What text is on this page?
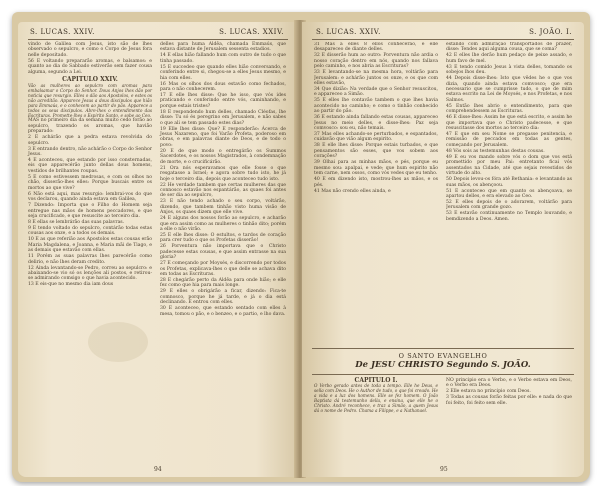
S. LUCAS. XXIV.	S. LUCAS. XXIV.

vindo de Galilea com Jesus, isto são de lhes observado o sepulcro, e como o Corpo de Jesus fora nelle depositado.

56 E voltando prepararão aromas, e balsamos: e quanto ao dia do Sabbado estiverão sem fazer cousa alguma, segundo a Lei.

CAPITULO XXIV.
Vão as mulheres ao sepulcro com aromas para embalsamar o Corpo do Senhor. Dous Anjos lhes dão por noticia que resurgio. Elles o dão aos Apostolos, e estes os não acreditão. Apparece Jesus a dous discipulos que hião para Emmaús, e o conhecem ao partir do pão. Apparece a todos os seus discipulos. Abre-lhes o entendimento das Escrituras. Promette-lhes o Espirito Santo, e sobe ao Ceo.

MAS no primeiro dia da semana muito cedo forão ao sepulcro, trazendo os aromas, que havião preparado:

2 E achárão que a pedra estava revolvida do sepulcro.

3 E entrando dentro, não achárão o Corpo do Senhor Jesus.

4 E aconteceu, que estando por isso consternadas, eis que apparecérão junto dellas dous homens, vestidos de brilhantes roupas.

5 E como estivessem medrosas, e com os olhos no chão, disserão-lhes elles: Porque buscais entre os mortos ao que vive?

6 Não está aqui, mas resurgio: lembrai-vos do que vos declarou, quando ainda estava em Galilea,

7 Dizendo: Importa que o Filho do Homem seja entregue nas mãos de homens peccadores, e que seja crucificado, e que resuscite ao terceiro dia.

8 E ellas se lembrárão das suas palavras.

9 E tendo voltado do sepulcro, contárão todas estas cousas aos onze, e a todos os demais.

10 E as que referião aos Apostolos estas cousas erão Maria Magdalena, e Joanna, e Maria mãi de Tiago, e as demais que estavão com ellas.

11 Porém as suas palavras lhes parecérão como delirio, e não lhes deram credito.

12 Ainda levantando-se Pedro, correu ao sepulcro: e abaixando-se vio só os lenções ali postos, e retirou-se admirando comsigo o que havia acontecido.

13 E eis-que no mesmo dia iam dous

delles para huma Aldêa, chamada Emmaús, que estava distante de Jerusalem sessenta estadios.

14 E ellas hião fallando hum com outro de tudo o que tinha passado.

15 E succedeo que quando elles hião conversando, e conferindo entre si, chegou-se a elles Jesus mesmo, e hia com elles.

16 Mas os olhos dos dous estavão como fechados, para o não conhecerem.

17 E elle lhes disse: Que he isso, que vós ides praticando e conferindo entre vós, caminhando, e porque estais tristes?

18 E respondendo hum delles, chamado Cléofas, lhe disse: Tu só és peregrino em Jerusalem, e não sabes o que ali se tem passado estes dias?

19 Elle lhes disse: Que? E responderão: Ácerca de Jesus Nazareno, que foi Varão Profeta, poderoso em obras, e em palavras diante de Deos, e de todo o povo:

20 E de que modo o entregárão os Summos Sacerdotes, e os nossos Magistrados, à condemnação de morte, e o crucificárão.

21 Ora nós esperavamos que elle fosse o que resgatasse a Israel; e agora sobre tudo isto, he já hoje o terceiro dia, depois que aconteceo tudo isto.

22 He verdade tambem que certas mulheres das que connosco estavão nos espantárão, as quaes foi antes de ser dia ao sepulcro,

23 E não tendo achado o seu corpo, voltárão, dizendo, que tambem tinhão visto huma visão de Anjos, os quaes dizem que elle vive.

24 E alguns dos nossos forão ao sepulcro, e acharão que era assim como as mulheres o tinhão dito; porém a elle o não virão.

25 E elle lhes disse: O estultos, e tardos de coração para crer tudo o que os Profetas disserão!

26 Porventura não importava que o Christo padecesse estas cousas, e que assim entrasse na sua gloria?

27 E começando por Moysés, e discorrendo por todos os Profetas, explicava-lhes o que delle se achava dito em todas as Escrituras.

28 E chegárão perto da Aldêa para onde hião; e elle fez como que hia para mais longe.

29 E elles o obrigárão a ficar, dizendo: Fica-te comnosco, porque he já tarde, e já o dia está declinando. E entrou com elles.

30 E aconteceo, que estando sentado com elles à mesa, tomou o pão, e o benzeo, e o partio, e lho dava.

94
S. LUCAS. XXIV.	S. JOÃO. I.

31 Mas a elles 8 ellos conheceráo, e elle desapareceo de diante delles.

32 E disserão hum ao outro: Porventura não ardia o nosso coração dentro em nós, quando nos fallava pelo caminho, e nos abria as Escrituras?

33 E levantando-se na mesma hora, voltárão para Jerusalem: e achárão juntos os onze, e os que com elles estavão,

34 Que dizião: Na verdade que o Senhor resuscitou, e appareceo a Simão.

35 E elles lhe contavão tambem o que lhes havia acontecido no caminho; e como o tinhão conhecido ao partir do pão.

36 E estando ainda fallando estas cousas, appareceo Jesus no meio delles, e disse-lhes: Paz seja comvosco: sou eu, não temais.

37 Mas elles achando-se perturbados, e espantados, cuidavão que vião algum espirito.

38 E elle lhes disse: Porque estais turbados, e que pensamentos são esses, que vos sobem aos corações?

39 Olhai para as minhas mãos, e pés, porque eu mesmo sou: apalpai, e vede; que hum espirito não tem carne, nem ossos, como vós vedes que eu tenho.

40 E em dizendo isto, mostrou-lhes as mãos, e os pés.

41 Mas não crendo elles ainda, e

estando com admiração transportados de prazer, disse: Tendes aqui alguma cousa, que se coma?

42 E elles lhe derão hum pedaço de peixe assado, e hum favo de mel.

43 E tendo comido Jesus à vista delles, tomando os sobejos lhos deu.

44 Depois disse-lhes: Isto que vêdes he o que vos dizia, quando ainda estava comvosco; que era necessario que se cumprisse tudo, o que de mim estava escrito na Lei de Moysés, e nos Profetas, e nos Salmos.

45 Então lhes abrio o entendimento, para que comprehendessem as Escrituras.

46 E disse-lhes: Assim he que está escrito, e assim he que importava que o Christo padecesse, e que resuscitasse dos mortos ao terceiro dia:

47 E que em seu Nome se pregasse penitencia, e remissão de peccados em todas as gentes, começando por Jerusalem.

48 Vós sois as testemunhas destas cousas.

49 E eu vos mando sobre vós o dom que vos está promettido por meu Pai: entretanto ficai vós assentados na Cidade, até que sejais revestidos de virtude do alto.

50 Depois levou-os fóra até Bethania: e levantando as suas mãos, os abençoou.

51 E aconteceo que em quanto os abençoava, se apartou delles, e era elevado ao Ceo.

52 E elles depois de o adorarem, voltárão para Jerusalem com grande gozo.

53 E estavão continuamente no Templo louvando, e bemdizendo a Deos. Amen.

O SANTO EVANGELHO
De JESU CHRISTO Segundo S. JOÃO.
CAPITULO I.
O Verbo gerado antes de toda a tempo. Elle he Deus, e sella com Deos. He o Author de tudo, o que foi creado. He a vida e a luz dos homens. Elle se fez homem. O João Baptista dá testemunho della, e ensina, que elle he o Christo. André reconhece, e traz a Simão, a quem Jesus dá o nome de Pedro. Chama a Filippe, e a Nathanael.

NO principio era o Verbo, e o Verbo estava em Deos, e o Verbo era Deos.

2 Elle estava no principio com Deos.

3 Todas as cousas forão feitas por elle: e nada do que foi feito, foi feito sem elle.

95
